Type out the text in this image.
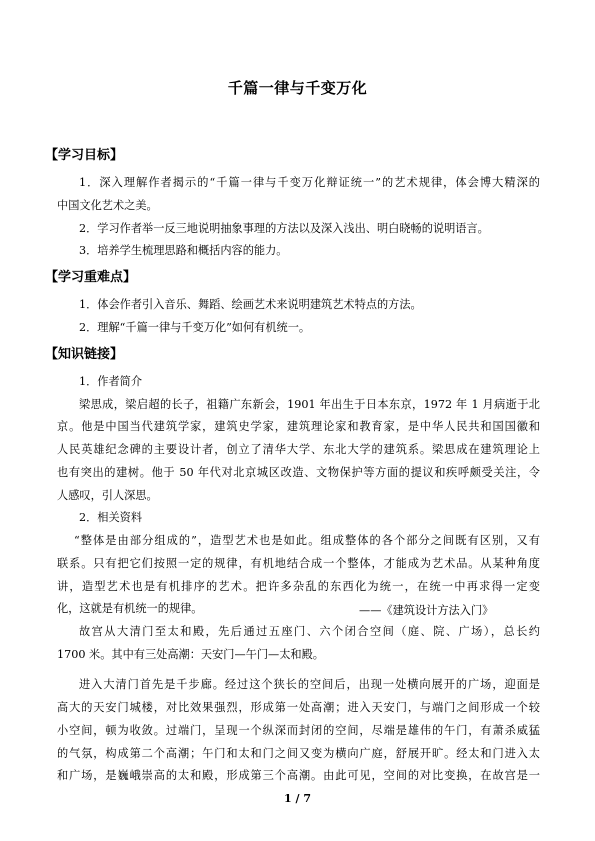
千篇一律与千变万化
【学习目标】
1．深入理解作者揭示的“千篇一律与千变万化辩证统一”的艺术规律，体会博大精深的
中国文化艺术之美。
2．学习作者举一反三地说明抽象事理的方法以及深入浅出、明白晓畅的说明语言。
3．培养学生梳理思路和概括内容的能力。
【学习重难点】
1．体会作者引入音乐、舞蹈、绘画艺术来说明建筑艺术特点的方法。
2．理解“千篇一律与千变万化”如何有机统一。
【知识链接】
1．作者简介
梁思成，梁启超的长子，祖籍广东新会，1901 年出生于日本东京，1972 年 1 月病逝于北
京。他是中国当代建筑学家，建筑史学家，建筑理论家和教育家，是中华人民共和国国徽和
人民英雄纪念碑的主要设计者，创立了清华大学、东北大学的建筑系。梁思成在建筑理论上
也有突出的建树。他于 50 年代对北京城区改造、文物保护等方面的提议和疾呼颇受关注，令
人感叹，引人深思。
2．相关资料
“整体是由部分组成的”，造型艺术也是如此。组成整体的各个部分之间既有区别，又有
联系。只有把它们按照一定的规律，有机地结合成一个整体，才能成为艺术品。从某种角度
讲，造型艺术也是有机排序的艺术。把许多杂乱的东西化为统一，在统一中再求得一定变
化，这就是有机统一的规律。	——《建筑设计方法入门》
故宫从大清门至太和殿，先后通过五座门、六个闭合空间（庭、院、广场），总长约
1700 米。其中有三处高潮：天安门—午门—太和殿。
进入大清门首先是千步廊。经过这个狭长的空间后，出现一处横向展开的广场，迎面是
高大的天安门城楼，对比效果强烈，形成第一处高潮；进入天安门，与端门之间形成一个较
小空间，顿为收敛。过端门，呈现一个纵深而封闭的空间，尽端是雄伟的午门，有萧杀威猛
的气氛，构成第二个高潮；午门和太和门之间又变为横向广庭，舒展开旷。经太和门进入太
和广场，是巍峨崇高的太和殿，形成第三个高潮。由此可见，空间的对比变换，在故宫是一
1 / 7
